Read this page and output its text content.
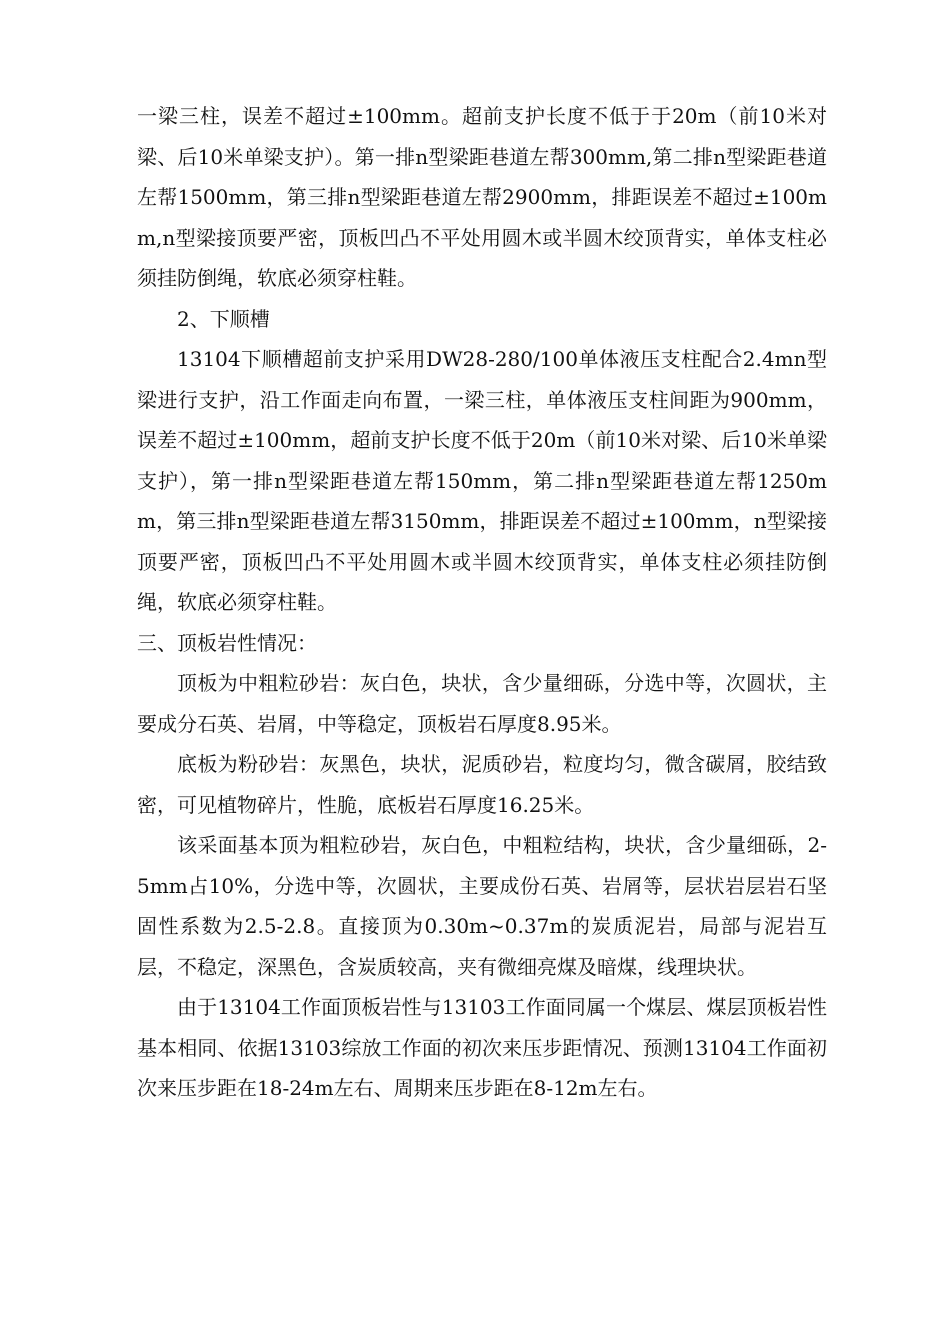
一梁三柱，误差不超过±100mm。超前支护长度不低于于20m（前10米对梁、后10米单梁支护）。第一排n型梁距巷道左帮300mm,第二排n型梁距巷道左帮1500mm，第三排n型梁距巷道左帮2900mm，排距误差不超过±100mm,n型梁接顶要严密，顶板凹凸不平处用圆木或半圆木绞顶背实，单体支柱必须挂防倒绳，软底必须穿柱鞋。

2、下顺槽

13104下顺槽超前支护采用DW28-280/100单体液压支柱配合2.4mn型梁进行支护，沿工作面走向布置，一梁三柱，单体液压支柱间距为900mm，误差不超过±100mm，超前支护长度不低于20m（前10米对梁、后10米单梁支护），第一排n型梁距巷道左帮150mm，第二排n型梁距巷道左帮1250mm，第三排n型梁距巷道左帮3150mm，排距误差不超过±100mm，n型梁接顶要严密，顶板凹凸不平处用圆木或半圆木绞顶背实，单体支柱必须挂防倒绳，软底必须穿柱鞋。

三、顶板岩性情况：

顶板为中粗粒砂岩：灰白色，块状，含少量细砾，分选中等，次圆状，主要成分石英、岩屑，中等稳定，顶板岩石厚度8.95米。

底板为粉砂岩：灰黑色，块状，泥质砂岩，粒度均匀，微含碳屑，胶结致密，可见植物碎片，性脆，底板岩石厚度16.25米。

该采面基本顶为粗粒砂岩，灰白色，中粗粒结构，块状，含少量细砾，2-5mm占10%，分选中等，次圆状，主要成份石英、岩屑等，层状岩层岩石坚固性系数为2.5-2.8。直接顶为0.30m~0.37m的炭质泥岩，局部与泥岩互层，不稳定，深黑色，含炭质较高，夹有微细亮煤及暗煤，线理块状。

由于13104工作面顶板岩性与13103工作面同属一个煤层、煤层顶板岩性基本相同、依据13103综放工作面的初次来压步距情况、预测13104工作面初次来压步距在18-24m左右、周期来压步距在8-12m左右。
